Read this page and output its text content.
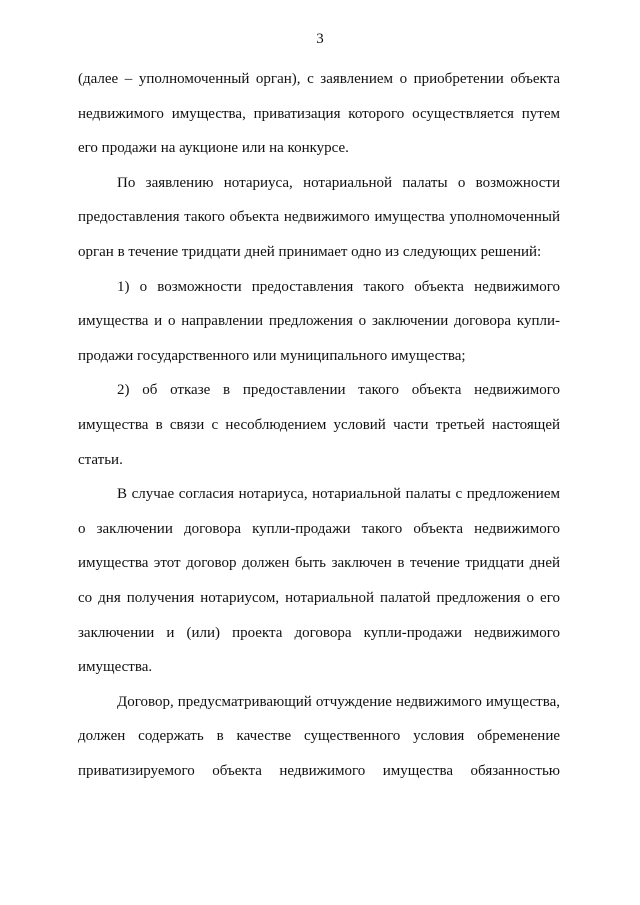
3

(далее – уполномоченный орган), с заявлением о приобретении объекта недвижимого имущества, приватизация которого осуществляется путем его продажи на аукционе или на конкурсе.

По заявлению нотариуса, нотариальной палаты о возможности предоставления такого объекта недвижимого имущества уполномоченный орган в течение тридцати дней принимает одно из следующих решений:

1) о возможности предоставления такого объекта недвижимого имущества и о направлении предложения о заключении договора купли-продажи государственного или муниципального имущества;

2) об отказе в предоставлении такого объекта недвижимого имущества в связи с несоблюдением условий части третьей настоящей статьи.

В случае согласия нотариуса, нотариальной палаты с предложением о заключении договора купли-продажи такого объекта недвижимого имущества этот договор должен быть заключен в течение тридцати дней со дня получения нотариусом, нотариальной палатой предложения о его заключении и (или) проекта договора купли-продажи недвижимого имущества.

Договор, предусматривающий отчуждение недвижимого имущества, должен содержать в качестве существенного условия обременение приватизируемого объекта недвижимого имущества обязанностью
